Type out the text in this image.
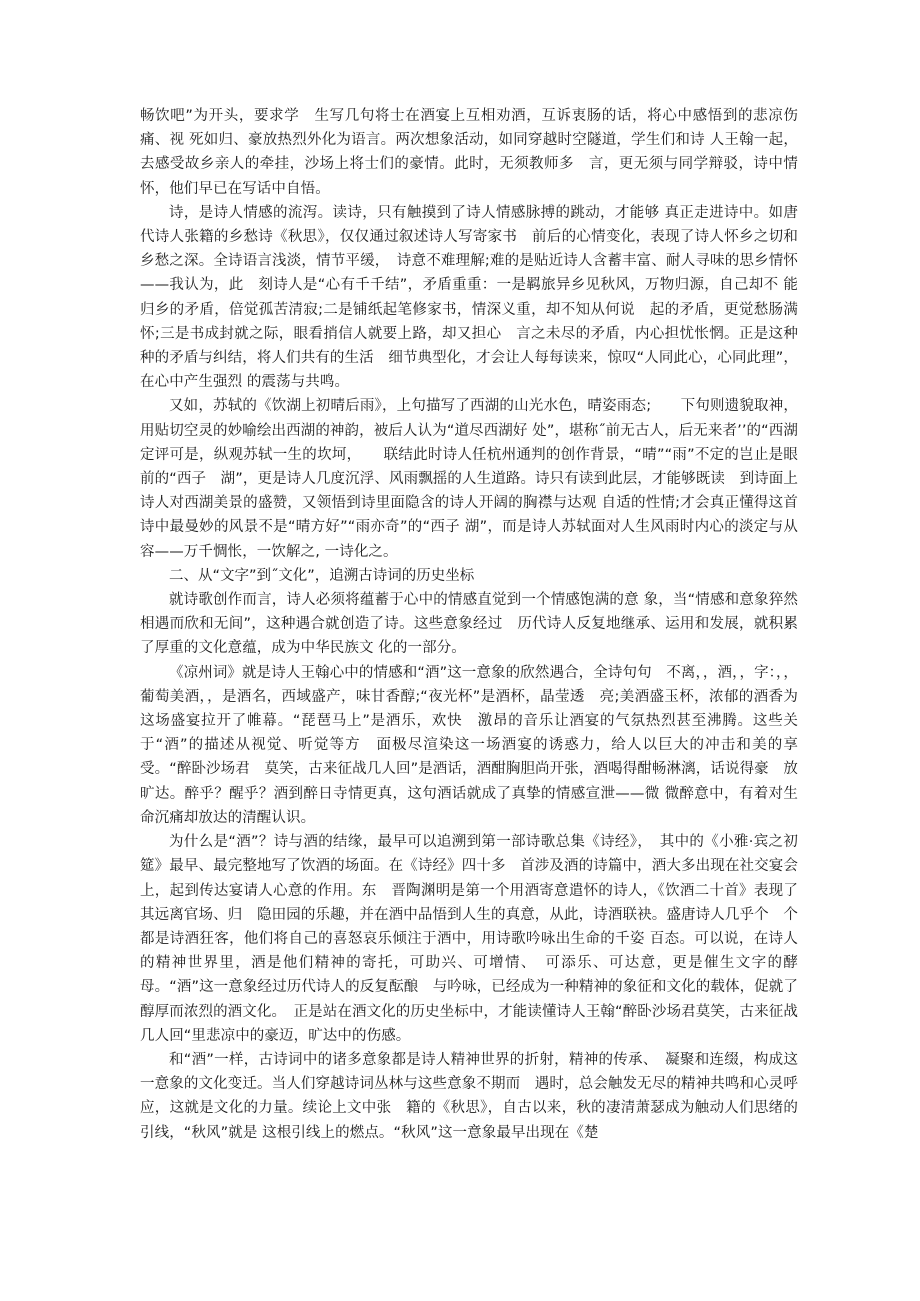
畅饮吧”为开头，要求学　生写几句将士在酒宴上互相劝酒，互诉衷肠的话，将心中感悟到的悲凉伤痛、视 死如归、豪放热烈外化为语言。两次想象活动，如同穿越时空隧道，学生们和诗 人王翰一起，去感受故乡亲人的牵挂，沙场上将士们的豪情。此时，无须教师多　言，更无须与同学辩驳，诗中情怀，他们早已在写话中自悟。

诗，是诗人情感的流泻。读诗，只有触摸到了诗人情感脉搏的跳动，才能够 真正走进诗中。如唐代诗人张籍的乡愁诗《秋思》，仅仅通过叙述诗人写寄家书　前后的心情变化，表现了诗人怀乡之切和乡愁之深。全诗语言浅淡，情节平缓，　诗意不难理解;难的是贴近诗人含蓄丰富、耐人寻味的思乡情怀——我认为，此　刻诗人是“心有千千结”，矛盾重重：一是羁旅异乡见秋风，万物归源，自己却不 能归乡的矛盾，倍觉孤苦清寂;二是铺纸起笔修家书，情深义重，却不知从何说　起的矛盾，更觉愁肠满怀;三是书成封就之际，眼看捎信人就要上路，却又担心　言之未尽的矛盾，内心担忧怅惘。正是这种种的矛盾与纠结，将人们共有的生活　细节典型化，才会让人每每读来，惊叹“人同此心，心同此理”，在心中产生强烈 的震荡与共鸣。

又如，苏轼的《饮湖上初晴后雨》，上句描写了西湖的山光水色，晴姿雨态;　　下句则遗貌取神，用贴切空灵的妙喻绘出西湖的神韵，被后人认为“道尽西湖好 处”，堪称˝前无古人，后无来者’’的“西湖定评可是，纵观苏轼一生的坎坷，　　联结此时诗人任杭州通判的创作背景，“晴”“雨”不定的岂止是眼前的“西子　湖”，更是诗人几度沉浮、风雨飘摇的人生道路。诗只有读到此层，才能够既读　到诗面上诗人对西湖美景的盛赞，又领悟到诗里面隐含的诗人开阔的胸襟与达观 自适的性情;才会真正懂得这首诗中最曼妙的风景不是“晴方好”“雨亦奇”的“西子 湖”，而是诗人苏轼面对人生风雨时内心的淡定与从容——万千惆怅，一饮解之, 一诗化之。

二、从“文字”到˝文化”，追溯古诗词的历史坐标

就诗歌创作而言，诗人必须将蕴蓄于心中的情感直觉到一个情感饱满的意 象，当“情感和意象猝然相遇而欣和无间”，这种遇合就创造了诗。这些意象经过　历代诗人反复地继承、运用和发展，就积累了厚重的文化意蕴，成为中华民族文 化的一部分。

《凉州词》就是诗人王翰心中的情感和“酒”这一意象的欣然遇合，全诗句句　不离，，酒，，字：，，葡萄美酒，，是酒名，西域盛产，味甘香醇;“夜光杯”是酒杯，晶莹透　亮;美酒盛玉杯，浓郁的酒香为这场盛宴拉开了帷幕。“琵琶马上”是酒乐，欢快　激昂的音乐让酒宴的气氛热烈甚至沸腾。这些关于“酒”的描述从视觉、听觉等方　面极尽渲染这一场酒宴的诱惑力，给人以巨大的冲击和美的享受。“醉卧沙场君　莫笑，古来征战几人回”是酒话，酒酣胸胆尚开张，酒喝得酣畅淋漓，话说得豪　放旷达。醉乎？醒乎？酒到醉日寺情更真，这句酒话就成了真挚的情感宣泄——微 微醉意中，有着对生命沉痛却放达的清醒认识。

为什么是“酒”？诗与酒的结缘，最早可以追溯到第一部诗歌总集《诗经》，　其中的《小雅·宾之初筵》最早、最完整地写了饮酒的场面。在《诗经》四十多　首涉及酒的诗篇中，酒大多出现在社交宴会上，起到传达宴请人心意的作用。东　晋陶渊明是第一个用酒寄意遣怀的诗人，《饮酒二十首》表现了其远离官场、归　隐田园的乐趣，并在酒中品悟到人生的真意，从此，诗酒联袂。盛唐诗人几乎个　个都是诗酒狂客，他们将自己的喜怒哀乐倾注于酒中，用诗歌吟咏出生命的千姿 百态。可以说，在诗人的精神世界里，酒是他们精神的寄托，可助兴、可增情、　可添乐、可达意，更是催生文字的酵母。“酒”这一意象经过历代诗人的反复酝酿　与吟咏，已经成为一种精神的象征和文化的载体，促就了醇厚而浓烈的酒文化。　正是站在酒文化的历史坐标中，才能读懂诗人王翰“醉卧沙场君莫笑，古来征战　几人回“里悲凉中的豪迈，旷达中的伤感。

和“酒”一样，古诗词中的诸多意象都是诗人精神世界的折射，精神的传承、　凝聚和连缀，构成这一意象的文化变迁。当人们穿越诗词丛林与这些意象不期而　遇时，总会触发无尽的精神共鸣和心灵呼应，这就是文化的力量。续论上文中张　籍的《秋思》，自古以来，秋的凄清萧瑟成为触动人们思绪的引线，“秋风”就是 这根引线上的燃点。“秋风”这一意象最早出现在《楚
